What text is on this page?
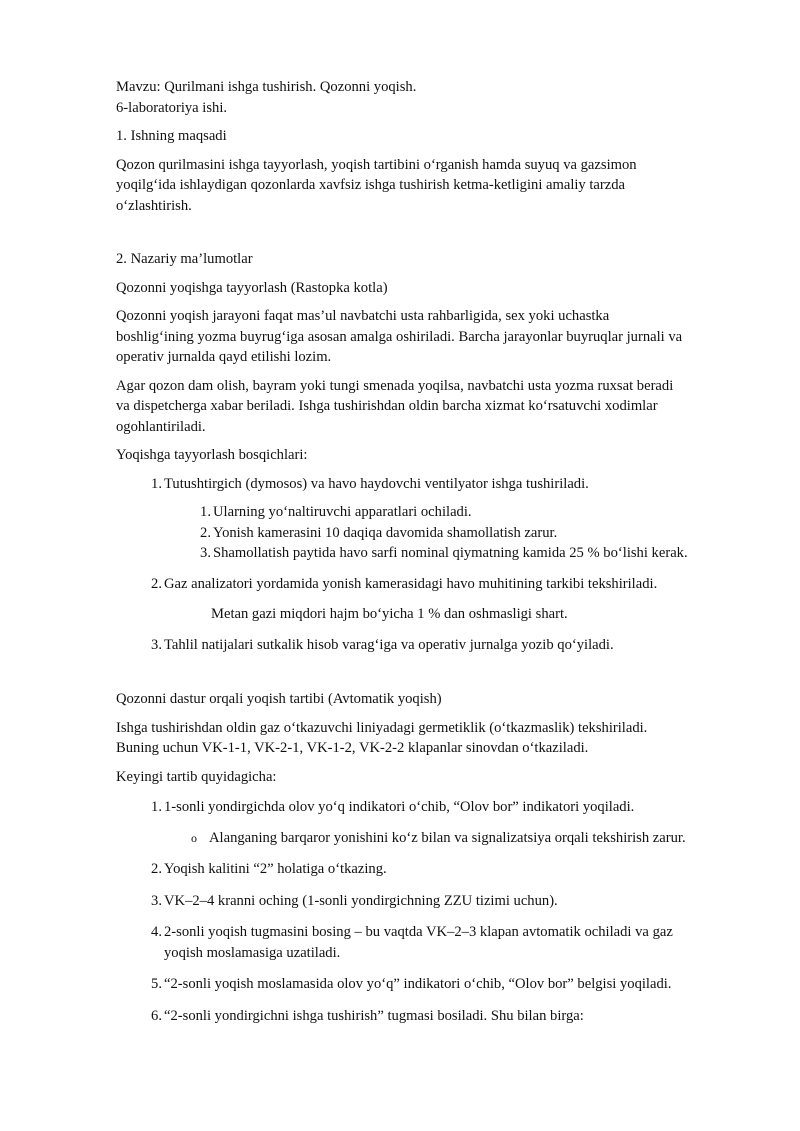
Mavzu: Qurilmani ishga tushirish. Qozonni yoqish.

6-laboratoriya ishi.

1. Ishning maqsadi

Qozon qurilmasini ishga tayyorlash, yoqish tartibini o‘rganish hamda suyuq va gazsimon

yoqilg‘ida ishlaydigan qozonlarda xavfsiz ishga tushirish ketma-ketligini amaliy tarzda

o‘zlashtirish.

2. Nazariy ma’lumotlar

Qozonni yoqishga tayyorlash (Rastopka kotla)

Qozonni yoqish jarayoni faqat mas’ul navbatchi usta rahbarligida, sex yoki uchastka

boshlig‘ining yozma buyrug‘iga asosan amalga oshiriladi. Barcha jarayonlar buyruqlar jurnali va

operativ jurnalda qayd etilishi lozim.

Agar qozon dam olish, bayram yoki tungi smenada yoqilsa, navbatchi usta yozma ruxsat beradi

va dispetcherga xabar beriladi. Ishga tushirishdan oldin barcha xizmat ko‘rsatuvchi xodimlar

ogohlantiriladi.

Yoqishga tayyorlash bosqichlari:

1. Tutushtirgich (dymosos) va havo haydovchi ventilyator ishga tushiriladi.
1. Ularning yo‘naltiruvchi apparatlari ochiladi.
2. Yonish kamerasini 10 daqiqa davomida shamollatish zarur.
3. Shamollatish paytida havo sarfi nominal qiymatning kamida 25 % bo‘lishi kerak.
2. Gaz analizatori yordamida yonish kamerasidagi havo muhitining tarkibi tekshiriladi.

Metan gazi miqdori hajm bo‘yicha 1 % dan oshmasligi shart.

3. Tahlil natijalari sutkalik hisob varag‘iga va operativ jurnalga yozib qo‘yiladi.

Qozonni dastur orqali yoqish tartibi (Avtomatik yoqish)

Ishga tushirishdan oldin gaz o‘tkazuvchi liniyadagi germetiklik (o‘tkazmaslik) tekshiriladi.

Buning uchun VK-1-1, VK-2-1, VK-1-2, VK-2-2 klapanlar sinovdan o‘tkaziladi.

Keyingi tartib quyidagicha:

1. 1-sonli yondirgichda olov yo‘q indikatori o‘chib, “Olov bor” indikatori yoqiladi.
o Alanganing barqaror yonishini ko‘z bilan va signalizatsiya orqali tekshirish zarur.
2. Yoqish kalitini “2” holatiga o‘tkazing.
3. VK–2–4 kranni oching (1-sonli yondirgichning ZZU tizimi uchun).
4. 2-sonli yoqish tugmasini bosing – bu vaqtda VK–2–3 klapan avtomatik ochiladi va gaz
yoqish moslamasiga uzatiladi.
5. “2-sonli yoqish moslamasida olov yo‘q” indikatori o‘chib, “Olov bor” belgisi yoqiladi.
6. “2-sonli yondirgichni ishga tushirish” tugmasi bosiladi. Shu bilan birga:
